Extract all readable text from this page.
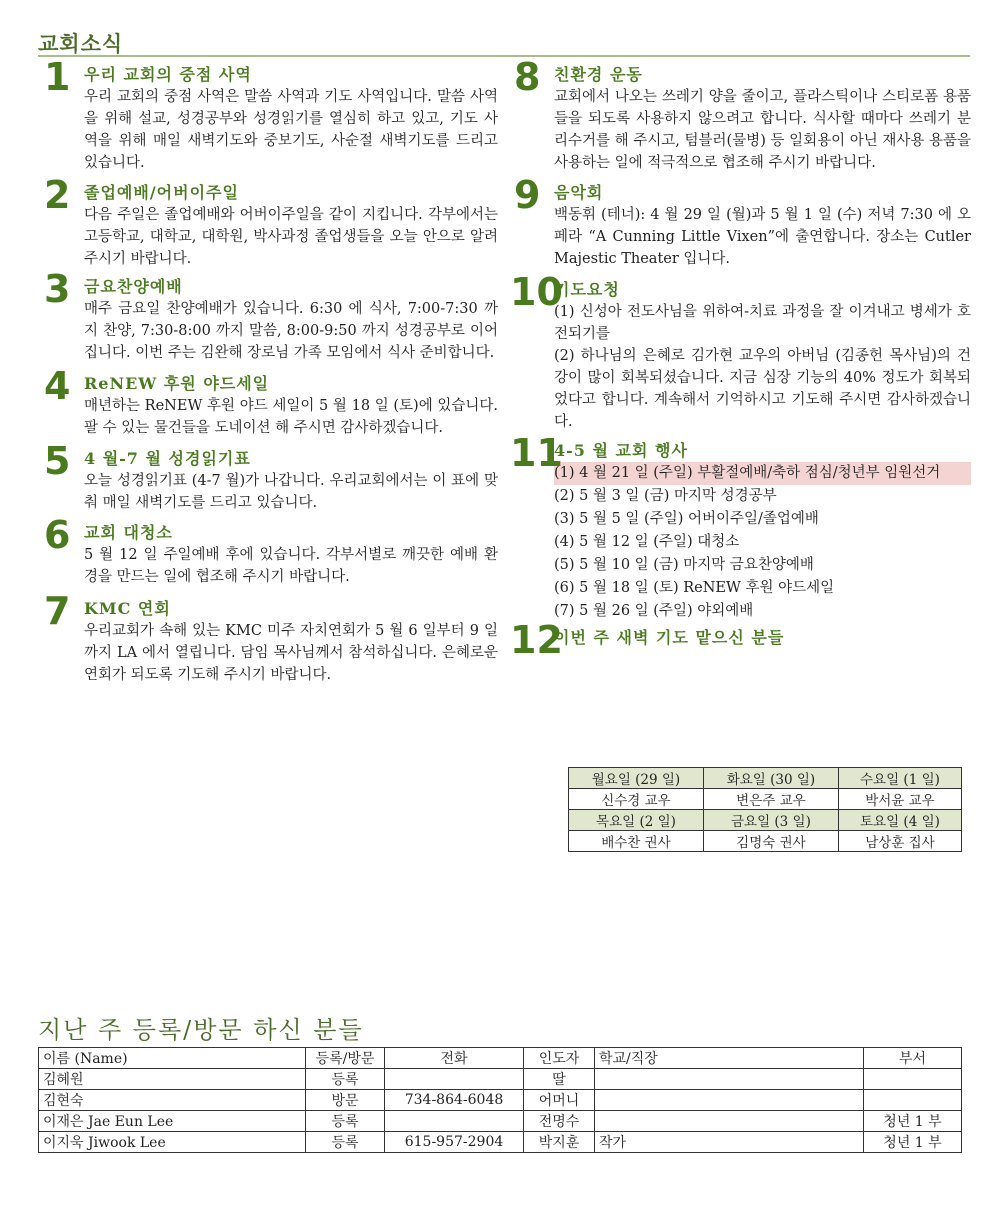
교회소식
1 우리 교회의 중점 사역
우리 교회의 중점 사역은 말씀 사역과 기도 사역입니다. 말씀 사역을 위해 설교, 성경공부와 성경읽기를 열심히 하고 있고, 기도 사역을 위해 매일 새벽기도와 중보기도, 사순절 새벽기도를 드리고 있습니다.
2 졸업예배/어버이주일
다음 주일은 졸업예배와 어버이주일을 같이 지킵니다. 각부에서는 고등학교, 대학교, 대학원, 박사과정 졸업생들을 오늘 안으로 알려 주시기 바랍니다.
3 금요찬양예배
매주 금요일 찬양예배가 있습니다. 6:30 에 식사, 7:00-7:30 까지 찬양, 7:30-8:00 까지 말씀, 8:00-9:50 까지 성경공부로 이어집니다. 이번 주는 김완해 장로님 가족 모임에서 식사 준비합니다.
4 ReNEW 후원 야드세일
매년하는 ReNEW 후원 야드 세일이 5 월 18 일 (토)에 있습니다. 팔 수 있는 물건들을 도네이션 해 주시면 감사하겠습니다.
5 4 월-7 월 성경읽기표
오늘 성경읽기표 (4-7 월)가 나갑니다. 우리교회에서는 이 표에 맞춰 매일 새벽기도를 드리고 있습니다.
6 교회 대청소
5 월 12 일 주일예배 후에 있습니다. 각부서별로 깨끗한 예배 환경을 만드는 일에 협조해 주시기 바랍니다.
7 KMC 연회
우리교회가 속해 있는 KMC 미주 자치연회가 5 월 6 일부터 9 일까지 LA 에서 열립니다. 담임 목사님께서 참석하십니다. 은혜로운 연회가 되도록 기도해 주시기 바랍니다.
8 친환경 운동
교회에서 나오는 쓰레기 양을 줄이고, 플라스틱이나 스티로폼 용품들을 되도록 사용하지 않으려고 합니다. 식사할 때마다 쓰레기 분리수거를 해 주시고, 텀블러(물병) 등 일회용이 아닌 재사용 용품을 사용하는 일에 적극적으로 협조해 주시기 바랍니다.
9 음악회
백동휘 (테너): 4 월 29 일 (월)과 5 월 1 일 (수) 저녁 7:30 에 오페라 “A Cunning Little Vixen”에 출연합니다. 장소는 Cutler Majestic Theater 입니다.
10
기도요청
(1) 신성아 전도사님을 위하여-치료 과정을 잘 이겨내고 병세가 호전되기를
(2) 하나님의 은혜로 김가현 교우의 아버님 (김종헌 목사님)의 건강이 많이 회복되셨습니다. 지금 심장 기능의 40% 정도가 회복되었다고 합니다. 계속해서 기억하시고 기도해 주시면 감사하겠습니다.
11
4-5 월 교회 행사
(1) 4 월 21 일 (주일) 부활절예배/축하 점심/청년부 임원선거
(2) 5 월 3 일 (금) 마지막 성경공부
(3) 5 월 5 일 (주일) 어버이주일/졸업예배
(4) 5 월 12 일 (주일) 대청소
(5) 5 월 10 일 (금) 마지막 금요찬양예배
(6) 5 월 18 일 (토) ReNEW 후원 야드세일
(7) 5 월 26 일 (주일) 야외예배
12
이번 주 새벽 기도 맡으신 분들
월요일 (29 일)	화요일 (30 일)	수요일 (1 일)
신수경 교우	변은주 교우	박서윤 교우
목요일 (2 일)	금요일 (3 일)	토요일 (4 일)
배수찬 권사	김명숙 권사	남상훈 집사
지난 주 등록/방문 하신 분들
이름 (Name)	등록/방문	전화	인도자	학교/직장	부서
김혜원	등록		딸		
김현숙	방문	734-864-6048	어머니		
이재은 Jae Eun Lee	등록		전명수		청년 1 부
이지욱 Jiwook Lee	등록	615-957-2904	박지훈	작가	청년 1 부
